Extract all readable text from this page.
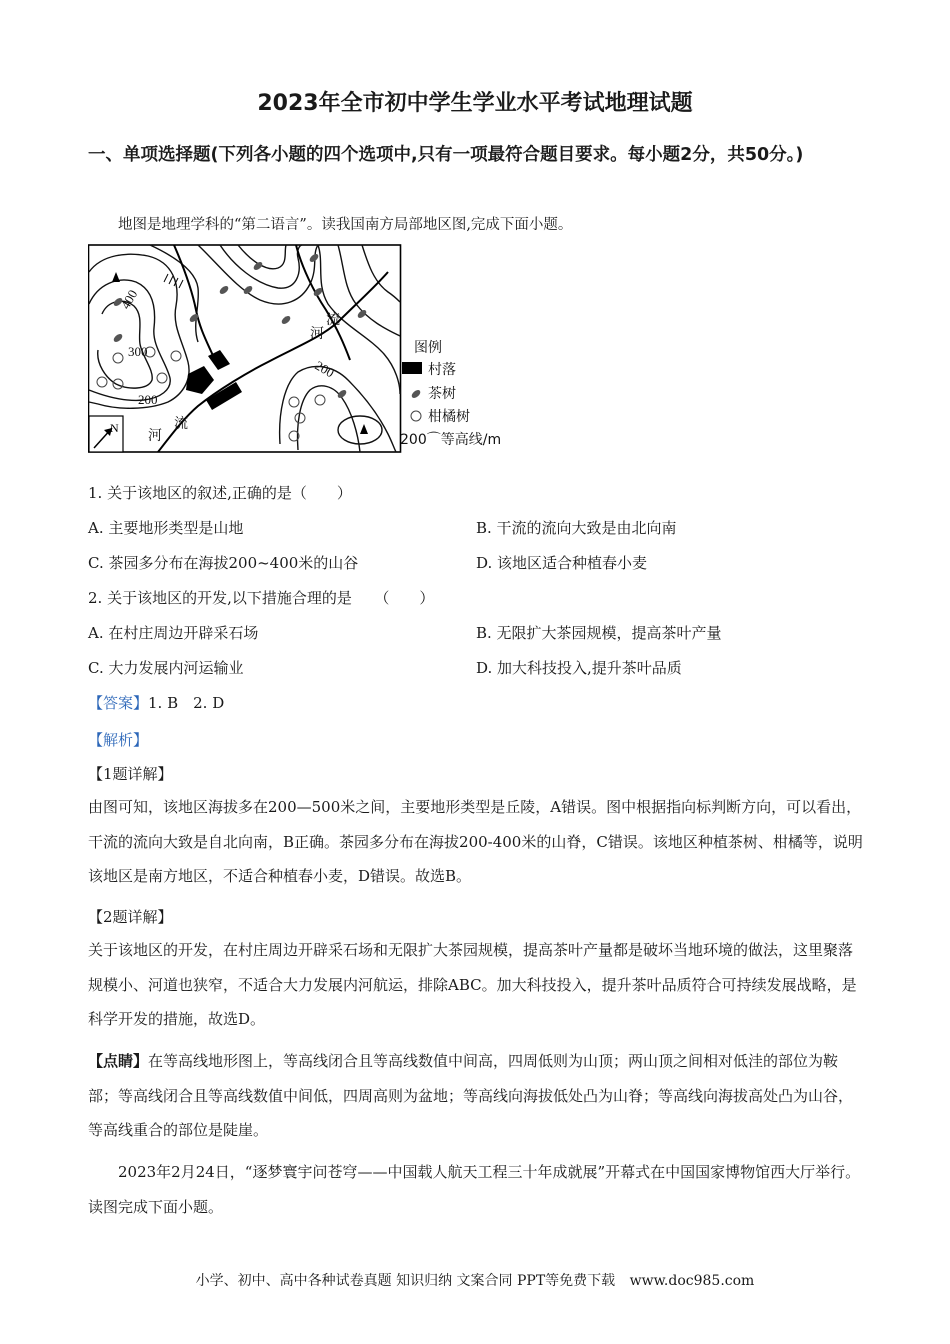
2023年全市初中学生学业水平考试地理试题
一、单项选择题(下列各小题的四个选项中,只有一项最符合题目要求。每小题2分，共50分。)
地图是地理学科的“第二语言”。读我国南方局部地区图,完成下面小题。
400
300
200
200
河
流
流
河
N
图例
村落
茶树
柑橘树
200⌒等高线/m
1. 关于该地区的叙述,正确的是（　　）
A. 主要地形类型是山地	B. 干流的流向大致是由北向南
C. 茶园多分布在海拔200~400米的山谷	D. 该地区适合种植春小麦
2. 关于该地区的开发,以下措施合理的是　　（　　）
A. 在村庄周边开辟采石场	B. 无限扩大茶园规模，提高茶叶产量
C. 大力发展内河运输业	D. 加大科技投入,提升茶叶品质
【答案】1. B　2. D
【解析】
【1题详解】
由图可知，该地区海拔多在200—500米之间，主要地形类型是丘陵，A错误。图中根据指向标判断方向，可以看出，干流的流向大致是自北向南，B正确。茶园多分布在海拔200-400米的山脊，C错误。该地区种植茶树、柑橘等，说明该地区是南方地区，不适合种植春小麦，D错误。故选B。
【2题详解】
关于该地区的开发，在村庄周边开辟采石场和无限扩大茶园规模，提高茶叶产量都是破坏当地环境的做法，这里聚落规模小、河道也狭窄，不适合大力发展内河航运，排除ABC。加大科技投入，提升茶叶品质符合可持续发展战略，是科学开发的措施，故选D。
【点睛】在等高线地形图上，等高线闭合且等高线数值中间高，四周低则为山顶；两山顶之间相对低洼的部位为鞍部；等高线闭合且等高线数值中间低，四周高则为盆地；等高线向海拔低处凸为山脊；等高线向海拔高处凸为山谷，等高线重合的部位是陡崖。
2023年2月24日，“逐梦寰宇问苍穹——中国载人航天工程三十年成就展”开幕式在中国国家博物馆西大厅举行。读图完成下面小题。
小学、初中、高中各种试卷真题 知识归纳 文案合同 PPT等免费下载 www.doc985.com
